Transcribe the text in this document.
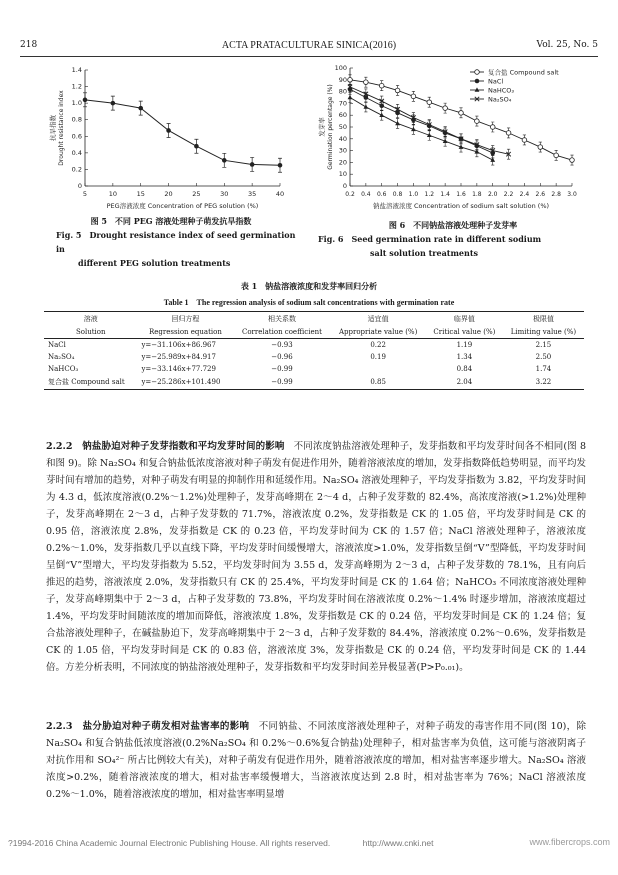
218	ACTA PRATACULTURAE SINICA(2016)	Vol. 25, No. 5
0
0.2
0.4
0.6
0.8
1.0
1.2
1.4
5	10	15	20	25	30	35	40
PEG溶液浓度 Concentration of PEG solution (%)
抗旱指数 Drought resistance index
图 5　不同 PEG 溶液处理种子萌发抗旱指数
Fig. 5　Drought resistance index of seed germination in
different PEG solution treatments
0
10
20
30
40
50
60
70
80
90
100
0.2 0.4 0.6 0.8 1.0 1.2 1.4 1.6 1.8 2.0 2.2 2.4 2.6 2.8 3.0
钠盐溶液浓度 Concentration of sodium salt solution (%)
发芽率 Germination percentage (%)
复合盐 Compound salt
NaCl
NaHCO₃
Na₂SO₄
图 6　不同钠盐溶液处理种子发芽率
Fig. 6　Seed germination rate in different sodium
salt solution treatments
表 1　钠盐溶液浓度和发芽率回归分析
Table 1　The regression analysis of sodium salt concentrations with germination rate
溶液	回归方程	相关系数	适宜值	临界值	极限值
Solution	Regression equation	Correlation coefficient	Appropriate value (%)	Critical value (%)	Limiting value (%)
NaCl	y=−31.106x+86.967	−0.93	0.22	1.19	2.15
Na₂SO₄	y=−25.989x+84.917	−0.96	0.19	1.34	2.50
NaHCO₃	y=−33.146x+77.729	−0.99		0.84	1.74
复合盐 Compound salt	y=−25.286x+101.490	−0.99	0.85	2.04	3.22
2.2.2　钠盐胁迫对种子发芽指数和平均发芽时间的影响 不同浓度钠盐溶液处理种子，发芽指数和平均发芽时间各不相同(图 8 和图 9)。除 Na₂SO₄ 和复合钠盐低浓度溶液对种子萌发有促进作用外，随着溶液浓度的增加，发芽指数降低趋势明显，而平均发芽时间有增加的趋势，对种子萌发有明显的抑制作用和延缓作用。Na₂SO₄ 溶液处理种子，平均发芽指数为 3.82，平均发芽时间为 4.3 d，低浓度溶液(0.2%～1.2%)处理种子，发芽高峰期在 2～4 d，占种子发芽数的 82.4%，高浓度溶液(>1.2%)处理种子，发芽高峰期在 2～3 d，占种子发芽数的 71.7%，溶液浓度 0.2%，发芽指数是 CK 的 1.05 倍，平均发芽时间是 CK 的 0.95 倍，溶液浓度 2.8%，发芽指数是 CK 的 0.23 倍，平均发芽时间为 CK 的 1.57 倍；NaCl 溶液处理种子，溶液浓度 0.2%～1.0%，发芽指数几乎以直线下降，平均发芽时间缓慢增大，溶液浓度>1.0%，发芽指数呈倒“V”型降低，平均发芽时间呈倒“V”型增大，平均发芽指数为 5.52，平均发芽时间为 3.55 d，发芽高峰期为 2～3 d，占种子发芽数的 78.1%，且有向后推迟的趋势，溶液浓度 2.0%，发芽指数只有 CK 的 25.4%，平均发芽时间是 CK 的 1.64 倍；NaHCO₃ 不同浓度溶液处理种子，发芽高峰期集中于 2～3 d，占种子发芽数的 73.8%，平均发芽时间在溶液浓度 0.2%～1.4% 时逐步增加，溶液浓度超过 1.4%，平均发芽时间随浓度的增加而降低，溶液浓度 1.8%，发芽指数是 CK 的 0.24 倍，平均发芽时间是 CK 的 1.24 倍；复合盐溶液处理种子，在碱盐胁迫下，发芽高峰期集中于 2～3 d，占种子发芽数的 84.4%，溶液浓度 0.2%～0.6%，发芽指数是 CK 的 1.05 倍，平均发芽时间是 CK 的 0.83 倍，溶液浓度 3%，发芽指数是 CK 的 0.24 倍，平均发芽时间是 CK 的 1.44 倍。方差分析表明，不同浓度的钠盐溶液处理种子，发芽指数和平均发芽时间差异极显著(P>P₀.₀₁)。
2.2.3　盐分胁迫对种子萌发相对盐害率的影响 不同钠盐、不同浓度溶液处理种子，对种子萌发的毒害作用不同(图 10)，除 Na₂SO₄ 和复合钠盐低浓度溶液(0.2%Na₂SO₄ 和 0.2%～0.6%复合钠盐)处理种子，相对盐害率为负值，这可能与溶液阴离子对抗作用和 SO₄²⁻ 所占比例较大有关)，对种子萌发有促进作用外，随着溶液浓度的增加，相对盐害率逐步增大。Na₂SO₄ 溶液浓度>0.2%，随着溶液浓度的增大，相对盐害率缓慢增大，当溶液浓度达到 2.8 时，相对盐害率为 76%；NaCl 溶液浓度 0.2%～1.0%，随着溶液浓度的增加，相对盐害率明显增
?1994-2016 China Academic Journal Electronic Publishing House. All rights reserved.	http://www.cnki.net	www.fibercrops.com
